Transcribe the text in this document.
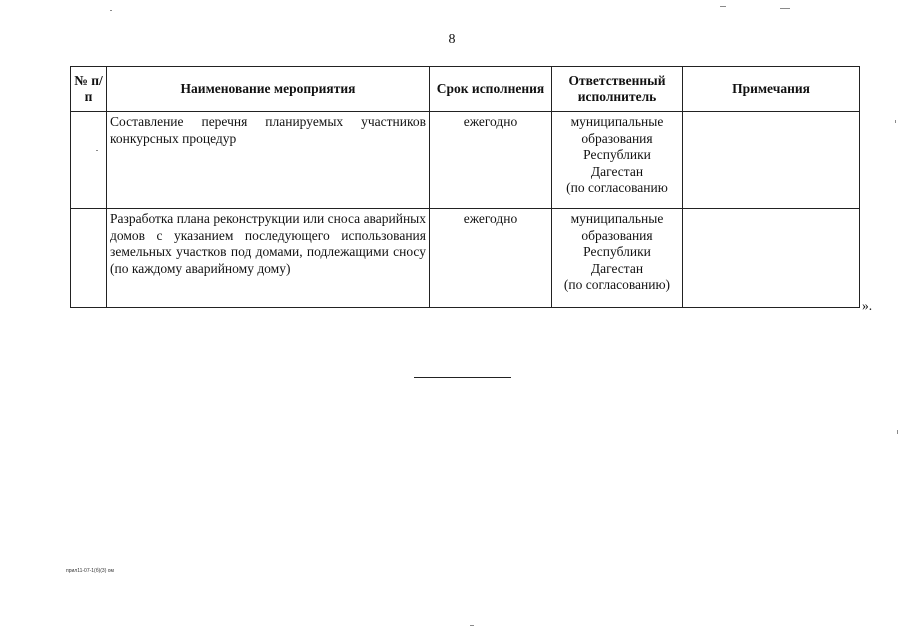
8
№ п/п	Наименование мероприятия	Срок исполнения	Ответственный исполнитель	Примечания
	Составление перечня планируемых участников конкурсных процедур	ежегодно	муниципальные
образования
Республики
Дагестан
(по согласованию	

	Разработка плана реконструкции или сноса аварийных домов с указанием последующего использования земельных участков под домами, подлежащими сносу (по каждому аварийному дому)	ежегодно	муниципальные
образования
Республики
Дагестан
(по согласованию)	

».
прил11-07-1(б)(3) ом
